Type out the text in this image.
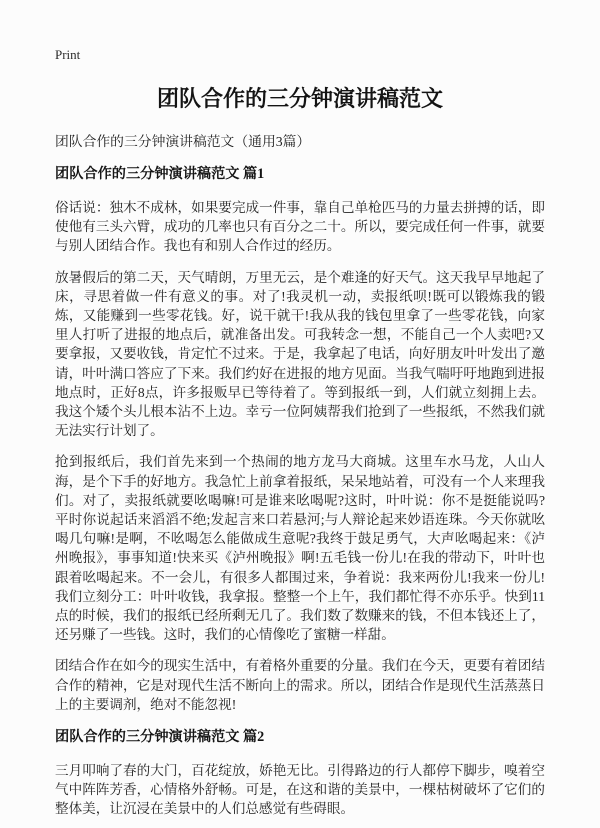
Print
团队合作的三分钟演讲稿范文
团队合作的三分钟演讲稿范文（通用3篇）
团队合作的三分钟演讲稿范文 篇1

俗话说：独木不成林，如果要完成一件事，靠自己单枪匹马的力量去拼搏的话，即使他有三头六臂，成功的几率也只有百分之二十。所以，要完成任何一件事，就要与别人团结合作。我也有和别人合作过的经历。

放暑假后的第二天，天气晴朗，万里无云，是个难逢的好天气。这天我早早地起了床，寻思着做一件有意义的事。对了!我灵机一动，卖报纸呗!既可以锻炼我的锻炼，又能赚到一些零花钱。好，说干就干!我从我的钱包里拿了一些零花钱，向家里人打听了进报的地点后，就准备出发。可我转念一想，不能自己一个人卖吧?又要拿报，又要收钱，肯定忙不过来。于是，我拿起了电话，向好朋友叶叶发出了邀请，叶叶满口答应了下来。我们约好在进报的地方见面。当我气喘吁吁地跑到进报地点时，正好8点，许多报贩早已等待着了。等到报纸一到，人们就立刻拥上去。我这个矮个头儿根本沾不上边。幸亏一位阿姨帮我们抢到了一些报纸，不然我们就无法实行计划了。

抢到报纸后，我们首先来到一个热闹的地方龙马大商城。这里车水马龙，人山人海，是个下手的好地方。我急忙上前拿着报纸，呆呆地站着，可没有一个人来理我们。对了，卖报纸就要吆喝嘛!可是谁来吆喝呢?这时，叶叶说：你不是挺能说吗?平时你说起话来滔滔不绝;发起言来口若悬河;与人辩论起来妙语连珠。今天你就吆喝几句嘛!是啊，不吆喝怎么能做成生意呢?我终于鼓足勇气，大声吆喝起来：《泸州晚报》，事事知道!快来买《泸州晚报》啊!五毛钱一份儿!在我的带动下，叶叶也跟着吆喝起来。不一会儿，有很多人都围过来，争着说：我来两份儿!我来一份儿!我们立刻分工：叶叶收钱，我拿报。整整一个上午，我们都忙得不亦乐乎。快到11点的时候，我们的报纸已经所剩无几了。我们数了数赚来的钱，不但本钱还上了，还另赚了一些钱。这时，我们的心情像吃了蜜糖一样甜。

团结合作在如今的现实生活中，有着格外重要的分量。我们在今天，更要有着团结合作的精神，它是对现代生活不断向上的需求。所以，团结合作是现代生活蒸蒸日上的主要调剂，绝对不能忽视!

团队合作的三分钟演讲稿范文 篇2

三月叩响了春的大门，百花绽放，娇艳无比。引得路边的行人都停下脚步，嗅着空气中阵阵芳香，心情格外舒畅。可是，在这和谐的美景中，一棵枯树破坏了它们的整体美，让沉浸在美景中的人们总感觉有些碍眼。
